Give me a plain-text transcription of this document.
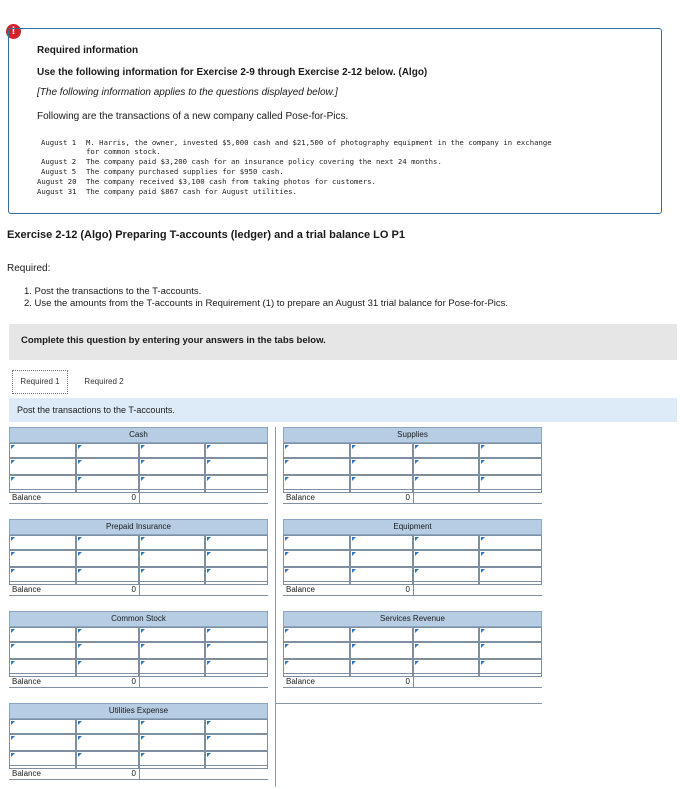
!
Required information
Use the following information for Exercise 2-9 through Exercise 2-12 below. (Algo)
[The following information applies to the questions displayed below.]
Following are the transactions of a new company called Pose-for-Pics.
August 1 M. Harris, the owner, invested $5,000 cash and $21,500 of photography equipment in the company in exchange
for common stock.
August 2 The company paid $3,200 cash for an insurance policy covering the next 24 months.
August 5 The company purchased supplies for $950 cash.
August 20 The company received $3,100 cash from taking photos for customers.
August 31 The company paid $867 cash for August utilities.
Exercise 2-12 (Algo) Preparing T-accounts (ledger) and a trial balance LO P1
Required:
1. Post the transactions to the T-accounts.
2. Use the amounts from the T-accounts in Requirement (1) to prepare an August 31 trial balance for Pose-for-Pics.
Complete this question by entering your answers in the tabs below.
Required 1	Required 2
Post the transactions to the T-accounts.
Cash
Balance	0
Supplies
Balance	0
Prepaid Insurance
Balance	0
Equipment
Balance	0
Common Stock
Balance	0
Services Revenue
Balance	0
Utilities Expense
Balance	0
